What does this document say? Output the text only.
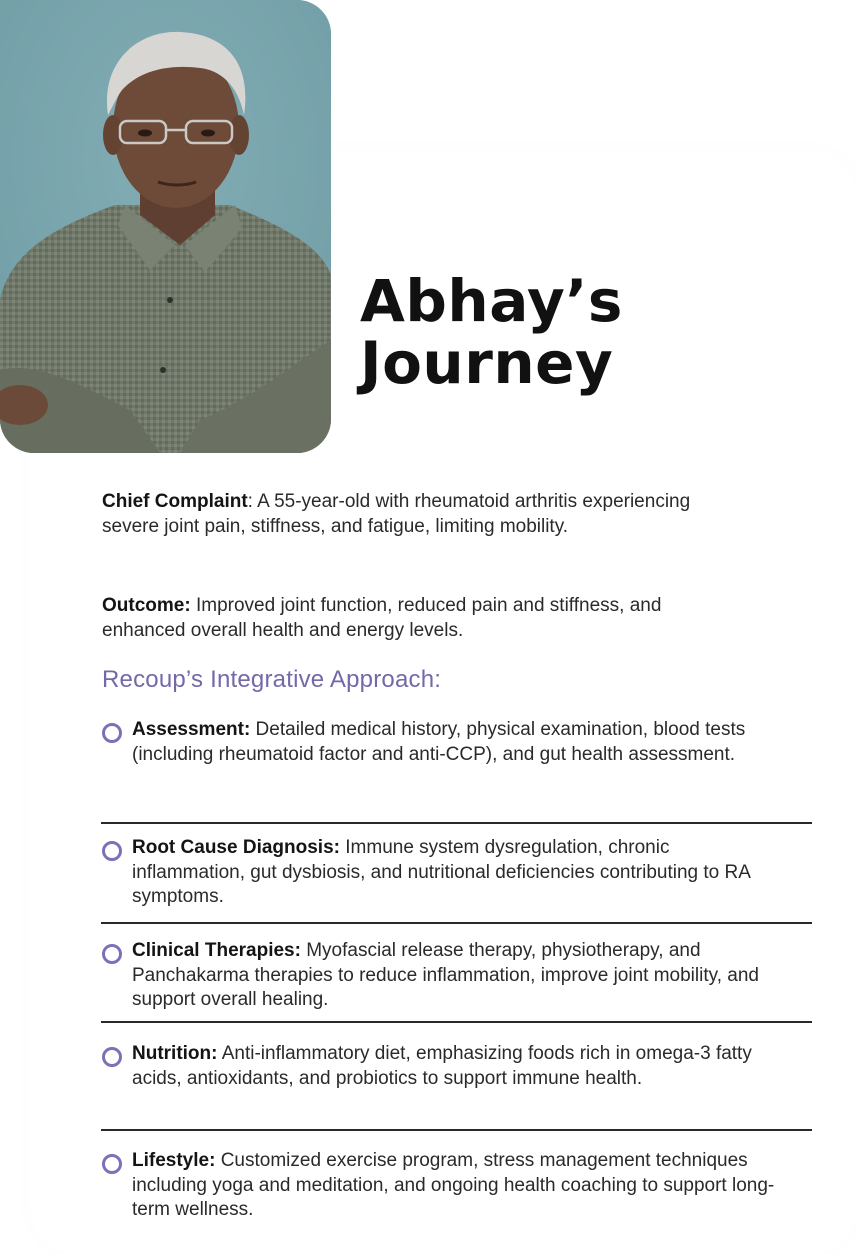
Abhay’s
Journey

Chief Complaint: A 55-year-old with rheumatoid arthritis experiencing severe joint pain, stiffness, and fatigue, limiting mobility.

Outcome: Improved joint function, reduced pain and stiffness, and enhanced overall health and energy levels.

Recoup’s Integrative Approach:

Assessment: Detailed medical history, physical examination, blood tests (including rheumatoid factor and anti-CCP), and gut health assessment.

Root Cause Diagnosis: Immune system dysregulation, chronic inflammation, gut dysbiosis, and nutritional deficiencies contributing to RA symptoms.

Clinical Therapies: Myofascial release therapy, physiotherapy, and Panchakarma therapies to reduce inflammation, improve joint mobility, and support overall healing.

Nutrition: Anti-inflammatory diet, emphasizing foods rich in omega-3 fatty acids, antioxidants, and probiotics to support immune health.

Lifestyle: Customized exercise program, stress management techniques including yoga and meditation, and ongoing health coaching to support long-term wellness.
